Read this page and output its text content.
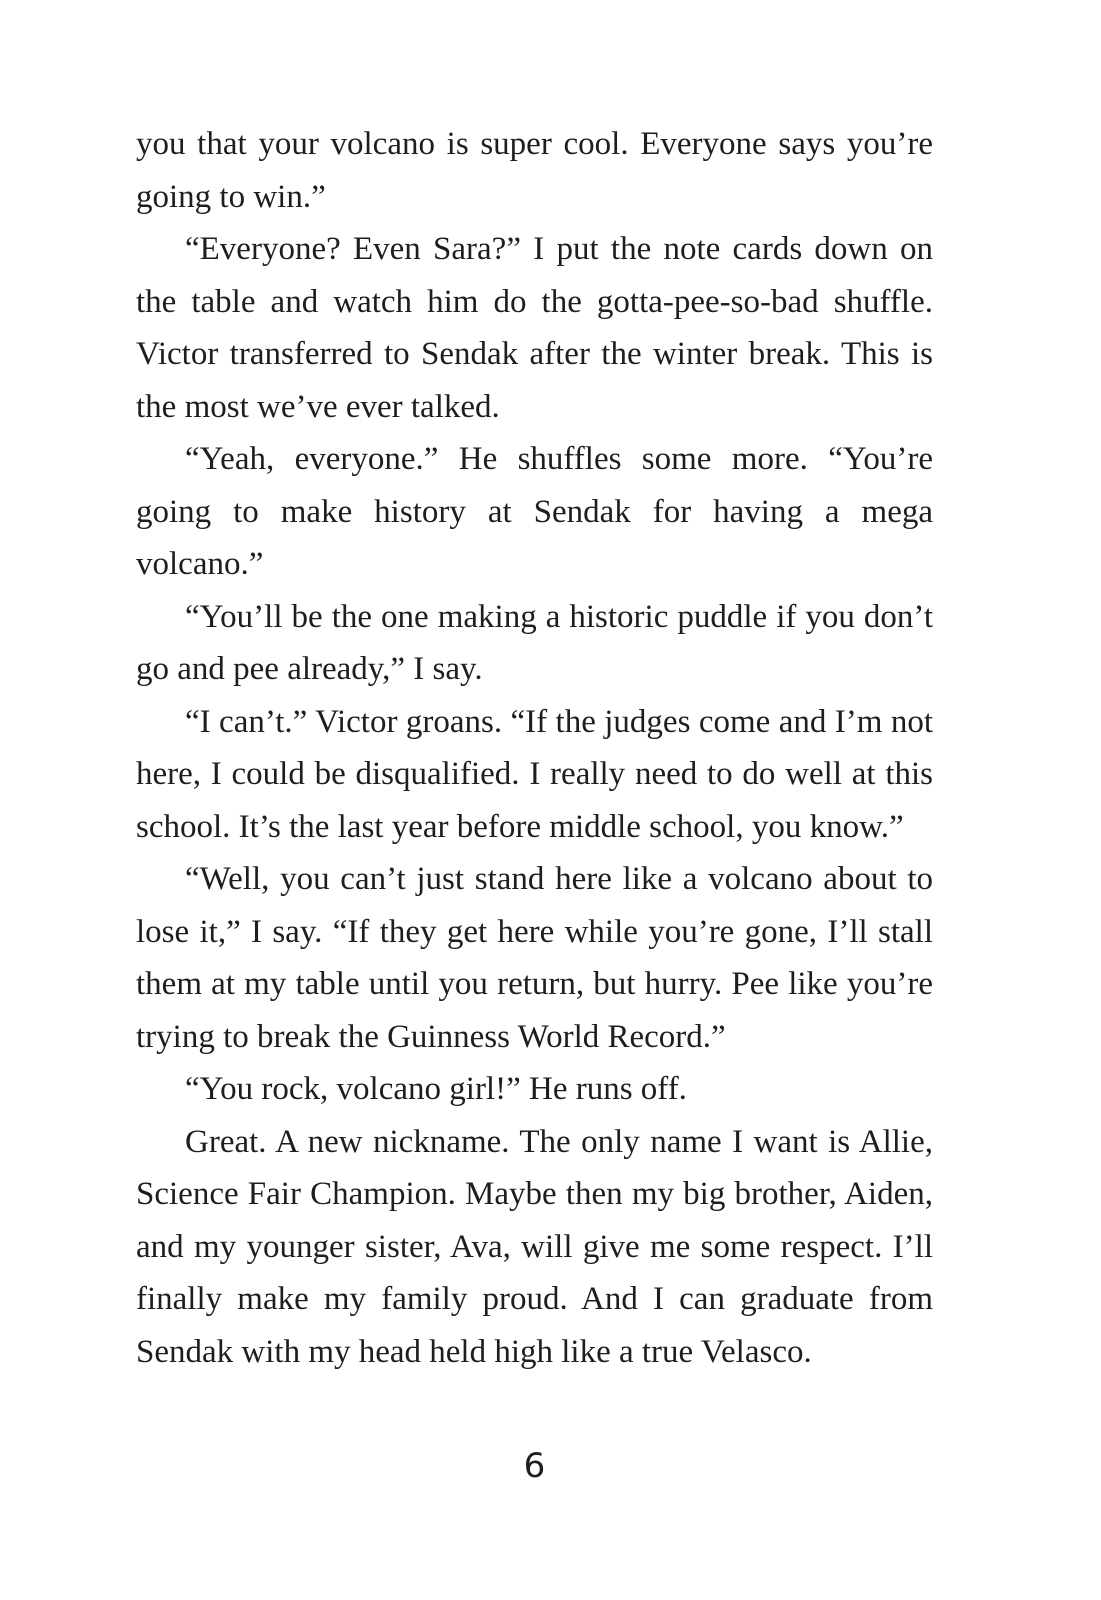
you that your volcano is super cool. Everyone says you’re going to win.”

“Everyone? Even Sara?” I put the note cards down on the table and watch him do the gotta-pee-so-bad shuffle. Victor transferred to Sendak after the winter break. This is the most we’ve ever talked.

“Yeah, everyone.” He shuffles some more. “You’re going to make history at Sendak for having a mega volcano.”

“You’ll be the one making a historic puddle if you don’t go and pee already,” I say.

“I can’t.” Victor groans. “If the judges come and I’m not here, I could be disqualified. I really need to do well at this school. It’s the last year before middle school, you know.”

“Well, you can’t just stand here like a volcano about to lose it,” I say. “If they get here while you’re gone, I’ll stall them at my table until you return, but hurry. Pee like you’re trying to break the Guinness World Record.”

“You rock, volcano girl!” He runs off.

Great. A new nickname. The only name I want is Allie, Science Fair Champion. Maybe then my big brother, Aiden, and my younger sister, Ava, will give me some respect. I’ll finally make my family proud. And I can graduate from Sendak with my head held high like a true Velasco.

6
